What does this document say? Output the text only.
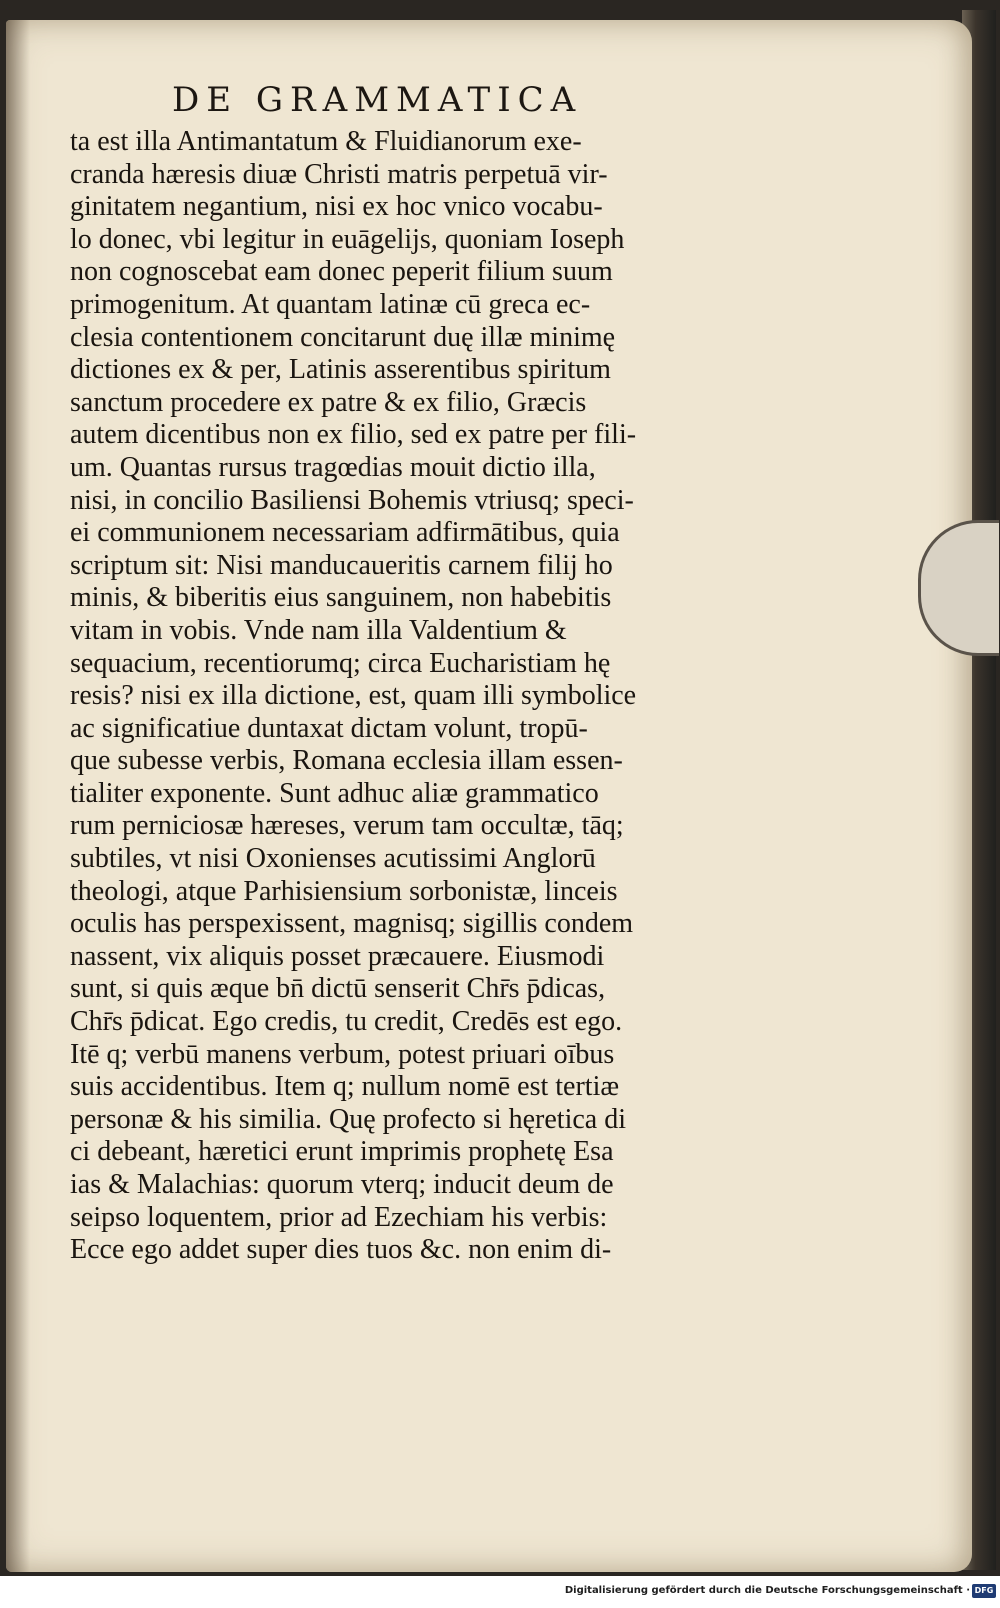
DE GRAMMATICA
ta est illa Antimantatum & Fluidianorum exe-
cranda hæresis diuæ Christi matris perpetuā vir-
ginitatem negantium, nisi ex hoc vnico vocabu-
lo donec, vbi legitur in euāgelijs, quoniam Ioseph
non cognoscebat eam donec peperit filium suum
primogenitum. At quantam latinæ cū greca ec-
clesia contentionem concitarunt duę illæ minimę
dictiones ex & per, Latinis asserentibus spiritum
sanctum procedere ex patre & ex filio, Græcis
autem dicentibus non ex filio, sed ex patre per fili-
um. Quantas rursus tragœdias mouit dictio illa,
nisi, in concilio Basiliensi Bohemis vtriusq; speci-
ei communionem necessariam adfirmātibus, quia
scriptum sit: Nisi manducaueritis carnem filij ho
minis, & biberitis eius sanguinem, non habebitis
vitam in vobis. Vnde nam illa Valdentium &
sequacium, recentiorumq; circa Eucharistiam hę
resis? nisi ex illa dictione, est, quam illi symbolice
ac significatiue duntaxat dictam volunt, tropū-
que subesse verbis, Romana ecclesia illam essen-
tialiter exponente. Sunt adhuc aliæ grammatico
rum perniciosæ hæreses, verum tam occultæ, tāq;
subtiles, vt nisi Oxonienses acutissimi Anglorū
theologi, atque Parhisiensium sorbonistæ, linceis
oculis has perspexissent, magnisq; sigillis condem
nassent, vix aliquis posset præcauere. Eiusmodi
sunt, si quis æque bn̄ dictū senserit Chr̄s p̄dicas,
Chr̄s p̄dicat. Ego credis, tu credit, Credēs est ego.
Itē q; verbū manens verbum, potest priuari oībus
suis accidentibus. Item q; nullum nomē est tertiæ
personæ & his similia. Quę profecto si hęretica di
ci debeant, hæretici erunt imprimis prophetę Esa
ias & Malachias: quorum vterq; inducit deum de
seipso loquentem, prior ad Ezechiam his verbis:
Ecce ego addet super dies tuos &c. non enim di-
Digitalisierung gefördert durch die Deutsche Forschungsgemeinschaft · DFG
